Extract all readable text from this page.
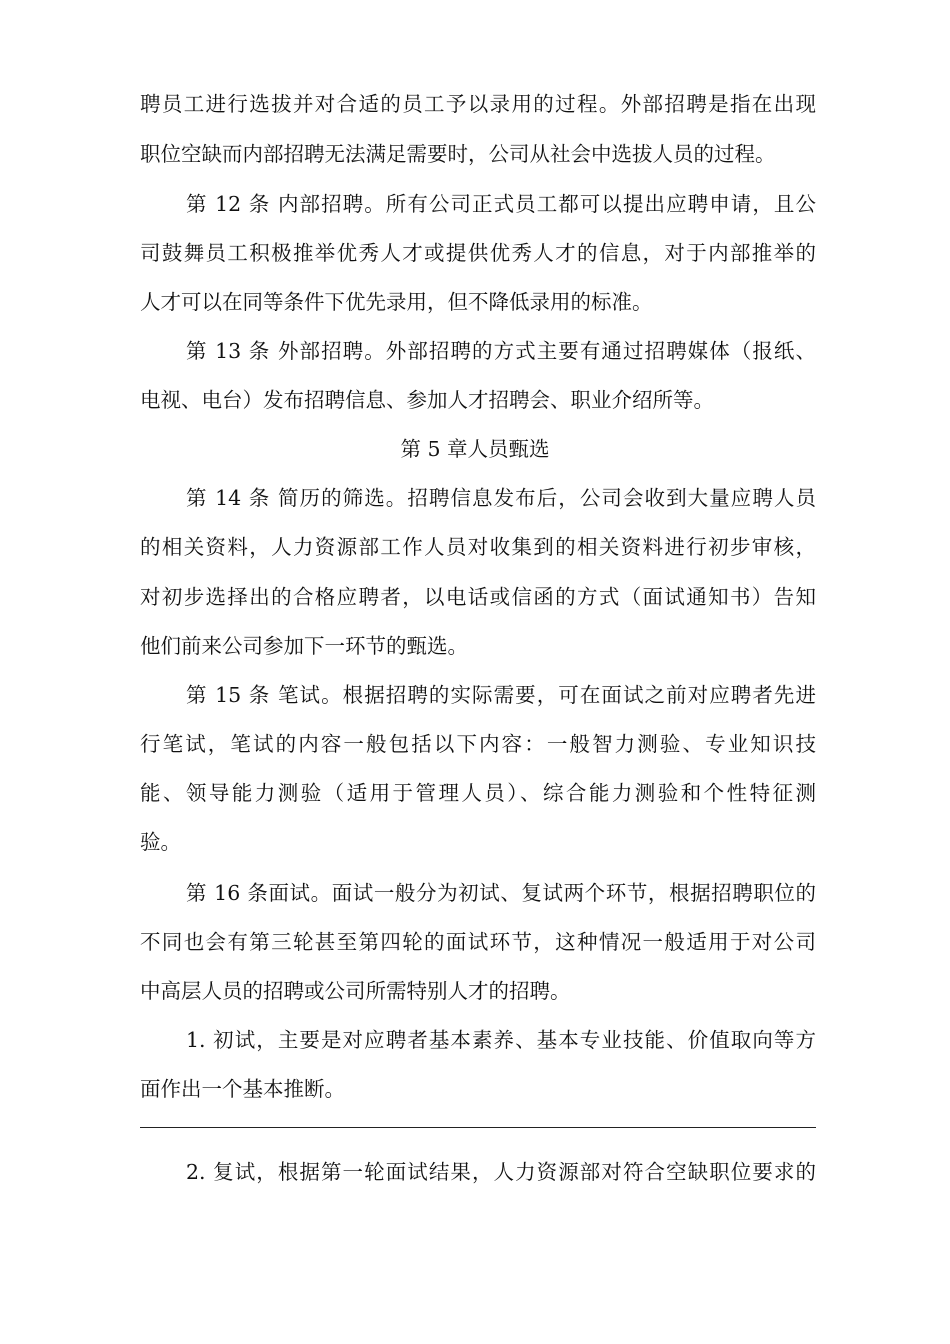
聘员工进行选拔并对合适的员工予以录用的过程。外部招聘是指在出现
职位空缺而内部招聘无法满足需要时，公司从社会中选拔人员的过程。
第 12 条 内部招聘。所有公司正式员工都可以提出应聘申请，且公
司鼓舞员工积极推举优秀人才或提供优秀人才的信息，对于内部推举的
人才可以在同等条件下优先录用，但不降低录用的标准。
第 13 条 外部招聘。外部招聘的方式主要有通过招聘媒体（报纸、
电视、电台）发布招聘信息、参加人才招聘会、职业介绍所等。
第 5 章人员甄选
第 14 条 简历的筛选。招聘信息发布后，公司会收到大量应聘人员
的相关资料，人力资源部工作人员对收集到的相关资料进行初步审核，
对初步选择出的合格应聘者，以电话或信函的方式（面试通知书）告知
他们前来公司参加下一环节的甄选。
第 15 条 笔试。根据招聘的实际需要，可在面试之前对应聘者先进
行笔试，笔试的内容一般包括以下内容：一般智力测验、专业知识技
能、领导能力测验（适用于管理人员）、综合能力测验和个性特征测
验。
第 16 条面试。面试一般分为初试、复试两个环节，根据招聘职位的
不同也会有第三轮甚至第四轮的面试环节，这种情况一般适用于对公司
中高层人员的招聘或公司所需特别人才的招聘。
1. 初试，主要是对应聘者基本素养、基本专业技能、价值取向等方
面作出一个基本推断。
2. 复试，根据第一轮面试结果，人力资源部对符合空缺职位要求的
